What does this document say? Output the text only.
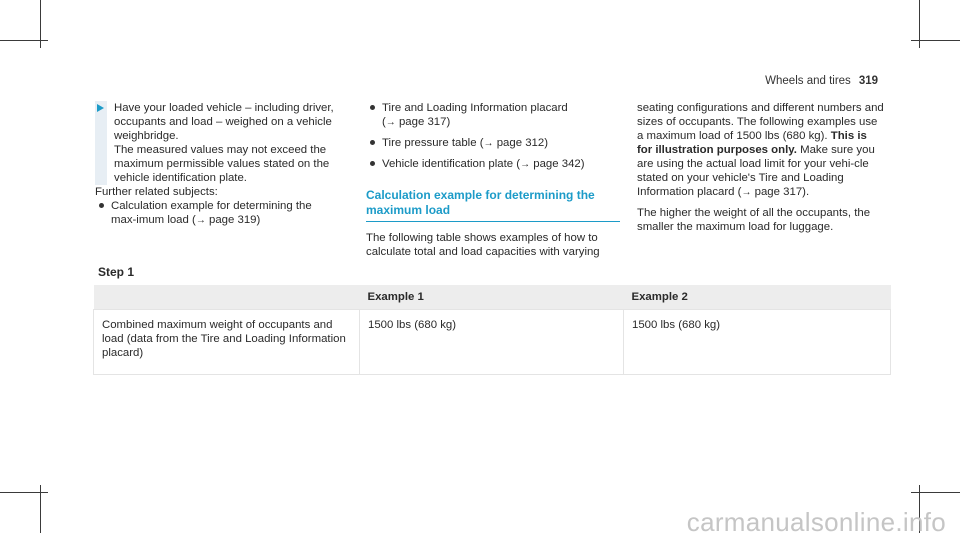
Wheels and tires 319

Have your loaded vehicle – including driver, occupants and load – weighed on a vehicle weighbridge.

The measured values may not exceed the maximum permissible values stated on the vehicle identification plate.

Further related subjects:

Calculation example for determining the max-imum load (→ page 319)
Tire and Loading Information placard
(→ page 317)
Tire pressure table (→ page 312)
Vehicle identification plate (→ page 342)
Calculation example for determining the maximum load

The following table shows examples of how to calculate total and load capacities with varying

seating configurations and different numbers and sizes of occupants. The following examples use a maximum load of 1500 lbs (680 kg). This is for illustration purposes only. Make sure you are using the actual load limit for your vehi-cle stated on your vehicle's Tire and Loading Information placard (→ page 317).

The higher the weight of all the occupants, the smaller the maximum load for luggage.

Step 1
	Example 1	Example 2
Combined maximum weight of occupants and load (data from the Tire and Loading Information placard)	1500 lbs (680 kg)	1500 lbs (680 kg)
carmanualsonline.info
